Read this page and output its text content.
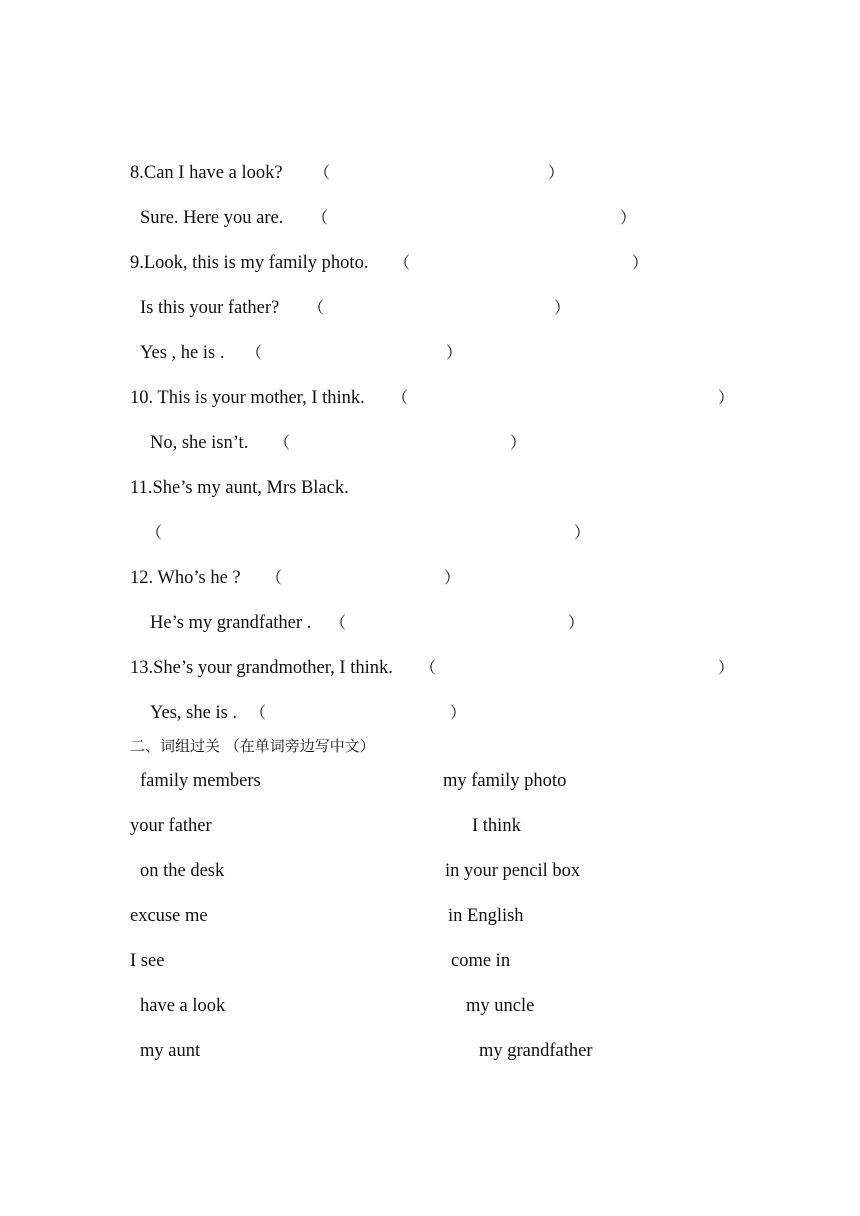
8.Can I have a look? （	）
Sure. Here you are. （	）
9.Look, this is my family photo. （	）
Is this your father? （	）
Yes , he is . （	）
10. This is your mother, I think. （	）
No, she isn’t. （	）
11.She’s my aunt, Mrs Black.
（	）
12. Who’s he ? （	）
He’s my grandfather . （	）
13.She’s your grandmother, I think. （	）
Yes, she is . （	）
二、词组过关 （在单词旁边写中文）
family members	my family photo
your father	I think
on the desk	in your pencil box
excuse me	in English
I see	come in
have a look	my uncle
my aunt	my grandfather
